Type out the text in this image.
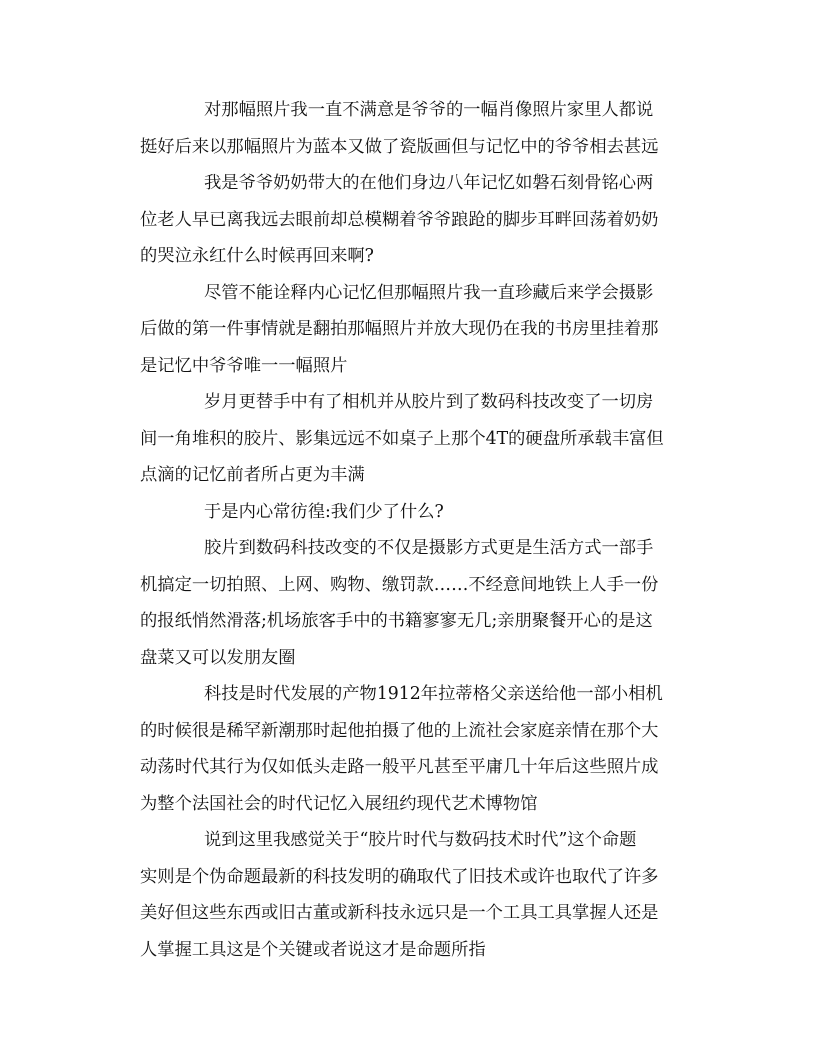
对那幅照片我一直不满意是爷爷的一幅肖像照片家里人都说
挺好后来以那幅照片为蓝本又做了瓷版画但与记忆中的爷爷相去甚远
我是爷爷奶奶带大的在他们身边八年记忆如磐石刻骨铭心两
位老人早已离我远去眼前却总模糊着爷爷踉跄的脚步耳畔回荡着奶奶
的哭泣永红什么时候再回来啊?
尽管不能诠释内心记忆但那幅照片我一直珍藏后来学会摄影
后做的第一件事情就是翻拍那幅照片并放大现仍在我的书房里挂着那
是记忆中爷爷唯一一幅照片
岁月更替手中有了相机并从胶片到了数码科技改变了一切房
间一角堆积的胶片、影集远远不如桌子上那个4T的硬盘所承载丰富但
点滴的记忆前者所占更为丰满
于是内心常彷徨:我们少了什么?
胶片到数码科技改变的不仅是摄影方式更是生活方式一部手
机搞定一切拍照、上网、购物、缴罚款……不经意间地铁上人手一份
的报纸悄然滑落;机场旅客手中的书籍寥寥无几;亲朋聚餐开心的是这
盘菜又可以发朋友圈
科技是时代发展的产物1912年拉蒂格父亲送给他一部小相机
的时候很是稀罕新潮那时起他拍摄了他的上流社会家庭亲情在那个大
动荡时代其行为仅如低头走路一般平凡甚至平庸几十年后这些照片成
为整个法国社会的时代记忆入展纽约现代艺术博物馆
说到这里我感觉关于“胶片时代与数码技术时代”这个命题
实则是个伪命题最新的科技发明的确取代了旧技术或许也取代了许多
美好但这些东西或旧古董或新科技永远只是一个工具工具掌握人还是
人掌握工具这是个关键或者说这才是命题所指
